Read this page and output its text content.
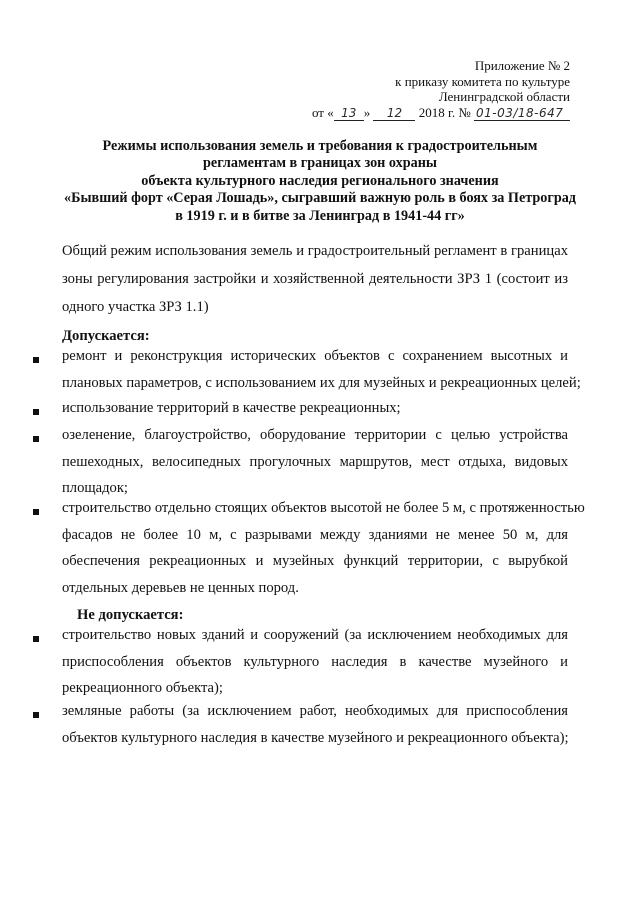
Приложение № 2
к приказу комитета по культуре
Ленинградской области
от « 13 » 12 2018 г. № 01-03/18-647
Режимы использования земель и требования к градостроительным
регламентам в границах зон охраны
объекта культурного наследия регионального значения
«Бывший форт «Серая Лошадь», сыгравший важную роль в боях за Петроград
в 1919 г. и в битве за Ленинград в 1941-44 гг»
Общий режим использования земель и градостроительный регламент в границах
зоны регулирования застройки и хозяйственной деятельности ЗРЗ 1 (состоит из
одного участка ЗРЗ 1.1)
Допускается:
ремонт и реконструкция исторических объектов с сохранением высотных и
плановых параметров, с использованием их для музейных и рекреационных целей;
использование территорий в качестве рекреационных;
озеленение, благоустройство, оборудование территории с целью устройства
пешеходных, велосипедных прогулочных маршрутов, мест отдыха, видовых
площадок;
строительство отдельно стоящих объектов высотой не более 5 м, с протяженностью
фасадов не более 10 м, с разрывами между зданиями не менее 50 м, для
обеспечения рекреационных и музейных функций территории, с вырубкой
отдельных деревьев не ценных пород.
Не допускается:
строительство новых зданий и сооружений (за исключением необходимых для
приспособления объектов культурного наследия в качестве музейного и
рекреационного объекта);
земляные работы (за исключением работ, необходимых для приспособления
объектов культурного наследия в качестве музейного и рекреационного объекта);
